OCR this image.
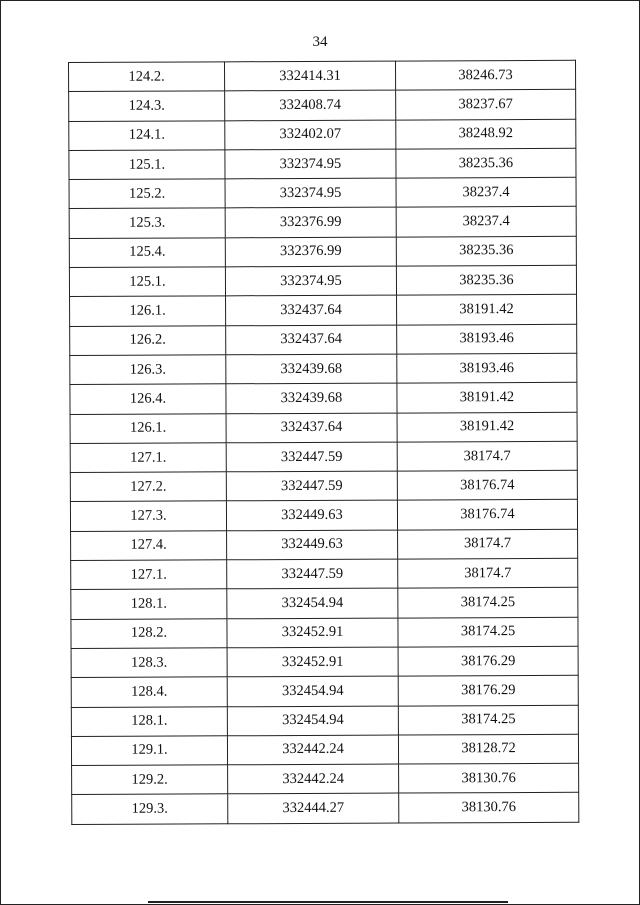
34
124.2.	332414.31	38246.73
124.3.	332408.74	38237.67
124.1.	332402.07	38248.92
125.1.	332374.95	38235.36
125.2.	332374.95	38237.4
125.3.	332376.99	38237.4
125.4.	332376.99	38235.36
125.1.	332374.95	38235.36
126.1.	332437.64	38191.42
126.2.	332437.64	38193.46
126.3.	332439.68	38193.46
126.4.	332439.68	38191.42
126.1.	332437.64	38191.42
127.1.	332447.59	38174.7
127.2.	332447.59	38176.74
127.3.	332449.63	38176.74
127.4.	332449.63	38174.7
127.1.	332447.59	38174.7
128.1.	332454.94	38174.25
128.2.	332452.91	38174.25
128.3.	332452.91	38176.29
128.4.	332454.94	38176.29
128.1.	332454.94	38174.25
129.1.	332442.24	38128.72
129.2.	332442.24	38130.76
129.3.	332444.27	38130.76
